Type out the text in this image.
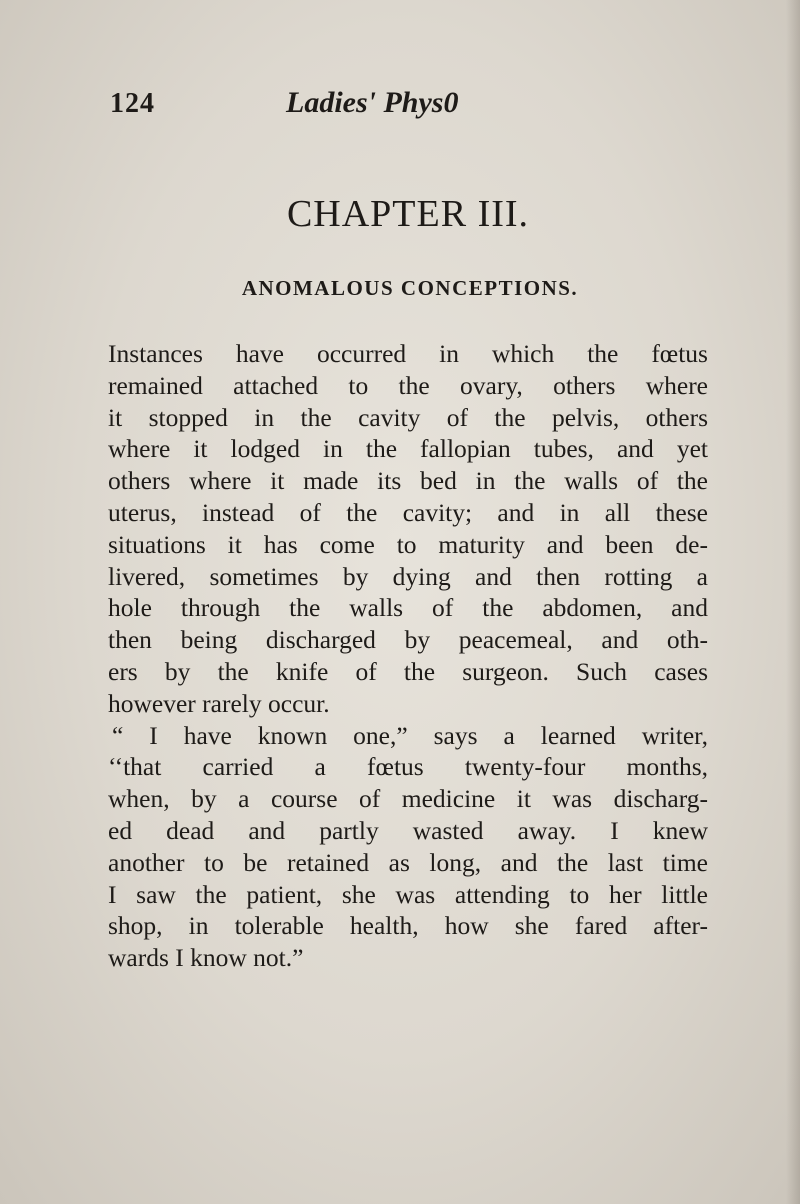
124	Ladies' Phys0
CHAPTER III.
ANOMALOUS CONCEPTIONS.
Instances have occurred in which the fœtus
remained attached to the ovary, others where
it stopped in the cavity of the pelvis, others
where it lodged in the fallopian tubes, and yet
others where it made its bed in the walls of the
uterus, instead of the cavity; and in all these
situations it has come to maturity and been de-
livered, sometimes by dying and then rotting a
hole through the walls of the abdomen, and
then being discharged by peacemeal, and oth-
ers by the knife of the surgeon. Such cases
however rarely occur.
“ I have known one,” says a learned writer,
‘‘that carried a fœtus twenty-four months,
when, by a course of medicine it was discharg-
ed dead and partly wasted away. I knew
another to be retained as long, and the last time
I saw the patient, she was attending to her little
shop, in tolerable health, how she fared after-
wards I know not.”
